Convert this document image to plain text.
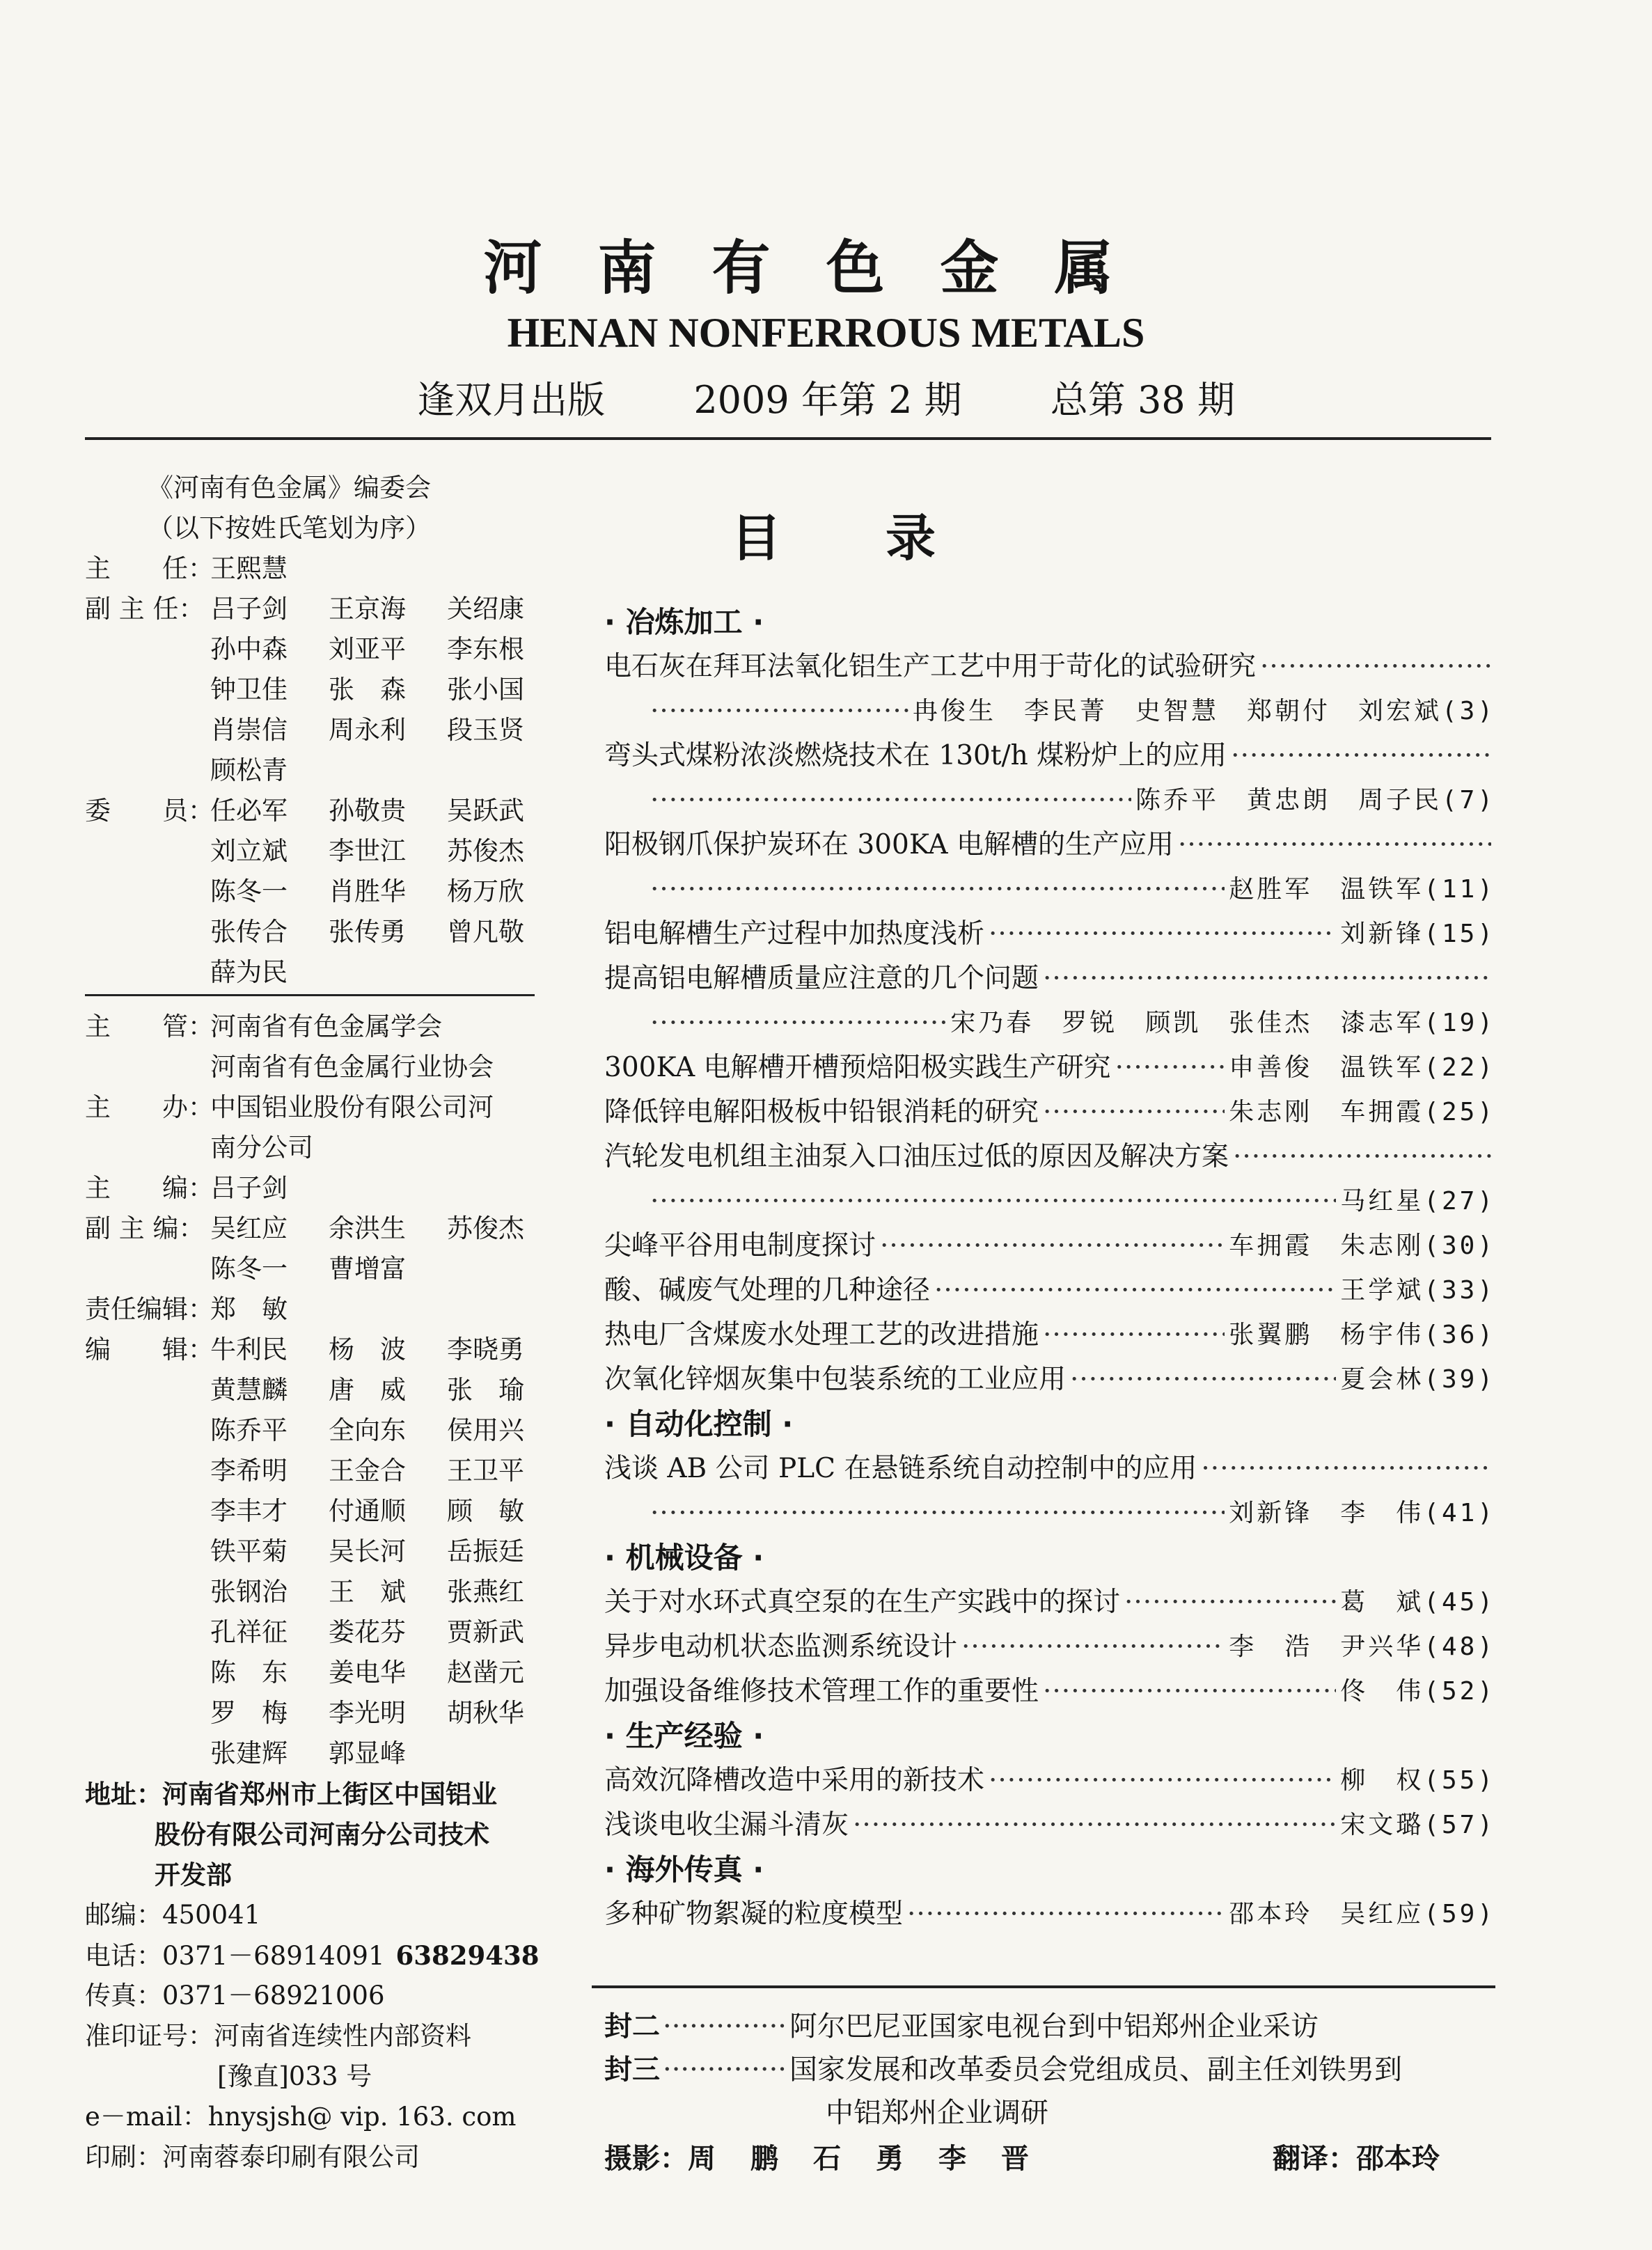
河南有色金属
HENAN NONFERROUS METALS
逢双月出版 2009 年第 2 期 总第 38 期
《河南有色金属》编委会
（以下按姓氏笔划为序）
主　　任：王熙慧
副 主 任： 吕子剑 王京海 关绍康
孙中森 刘亚平 李东根
钟卫佳 张　森 张小国
肖崇信 周永利 段玉贤
顾松青
委　　员：
任必军 孙敬贵 吴跃武
刘立斌 李世江 苏俊杰
陈冬一 肖胜华 杨万欣
张传合 张传勇 曾凡敬
薛为民
主　　管：河南省有色金属学会
河南省有色金属行业协会
主　　办：中国铝业股份有限公司河
南分公司
主　　编：吕子剑
副 主 编： 吴红应 余洪生 苏俊杰
陈冬一 曹增富
责任编辑：郑　敏
编　　辑：
牛利民 杨　波 李晓勇
黄慧麟 唐　威 张　瑜
陈乔平 全向东 侯用兴
李希明 王金合 王卫平
李丰才 付通顺 顾　敏
铁平菊 吴长河 岳振廷
张钢治 王　斌 张燕红
孔祥征 娄花芬 贾新武
陈　东 姜电华 赵凿元
罗　梅 李光明 胡秋华
张建辉 郭显峰
地址：河南省郑州市上街区中国铝业
股份有限公司河南分公司技术
开发部
邮编：450041
电话：0371－68914091 63829438
传真：0371－68921006
准印证号：河南省连续性内部资料
[豫直]033 号
e－mail：hnysjsh@ vip. 163. com
印刷：河南蓉泰印刷有限公司
目录
· 冶炼加工 ·
电石灰在拜耳法氧化铝生产工艺中用于苛化的试验研究
·····
·····
冉俊生　李民菁　史智慧　郑朝付　刘宏斌(3)
弯头式煤粉浓淡燃烧技术在 130t/h 煤粉炉上的应用
·····
·····
陈乔平　黄忠朗　周子民(7)
阳极钢爪保护炭环在 300KA 电解槽的生产应用
·····
·····
赵胜军　温铁军(11)
铝电解槽生产过程中加热度浅析 ·····	刘新锋(15)
提高铝电解槽质量应注意的几个问题
·····
·····
宋乃春　罗锐　顾凯　张佳杰　漆志军(19)
300KA 电解槽开槽预焙阳极实践生产研究 ·····	申善俊　温铁军(22)
降低锌电解阳极板中铅银消耗的研究 ·····	朱志刚　车拥霞(25)
汽轮发电机组主油泵入口油压过低的原因及解决方案
·····
·····
马红星(27)
尖峰平谷用电制度探讨 ·····	车拥霞　朱志刚(30)
酸、碱废气处理的几种途径 ·····	王学斌(33)
热电厂含煤废水处理工艺的改进措施 ·····	张翼鹏　杨宇伟(36)
次氧化锌烟灰集中包装系统的工业应用 ·····	夏会林(39)
· 自动化控制 ·
浅谈 AB 公司 PLC 在悬链系统自动控制中的应用
·····
·····
刘新锋　李　伟(41)
· 机械设备 ·
关于对水环式真空泵的在生产实践中的探讨 ·····	葛　斌(45)
异步电动机状态监测系统设计 ·····	李　浩　尹兴华(48)
加强设备维修技术管理工作的重要性 ·····	佟　伟(52)
· 生产经验 ·
高效沉降槽改造中采用的新技术 ·····	柳　权(55)
浅谈电收尘漏斗清灰 ·····	宋文璐(57)
· 海外传真 ·
多种矿物絮凝的粒度模型 ·····	邵本玲　吴红应(59)
封二 ·············· 阿尔巴尼亚国家电视台到中铝郑州企业采访
封三 ·············· 国家发展和改革委员会党组成员、副主任刘铁男到
中铝郑州企业调研
摄影： 周鹏石勇李晋	翻译：邵本玲
